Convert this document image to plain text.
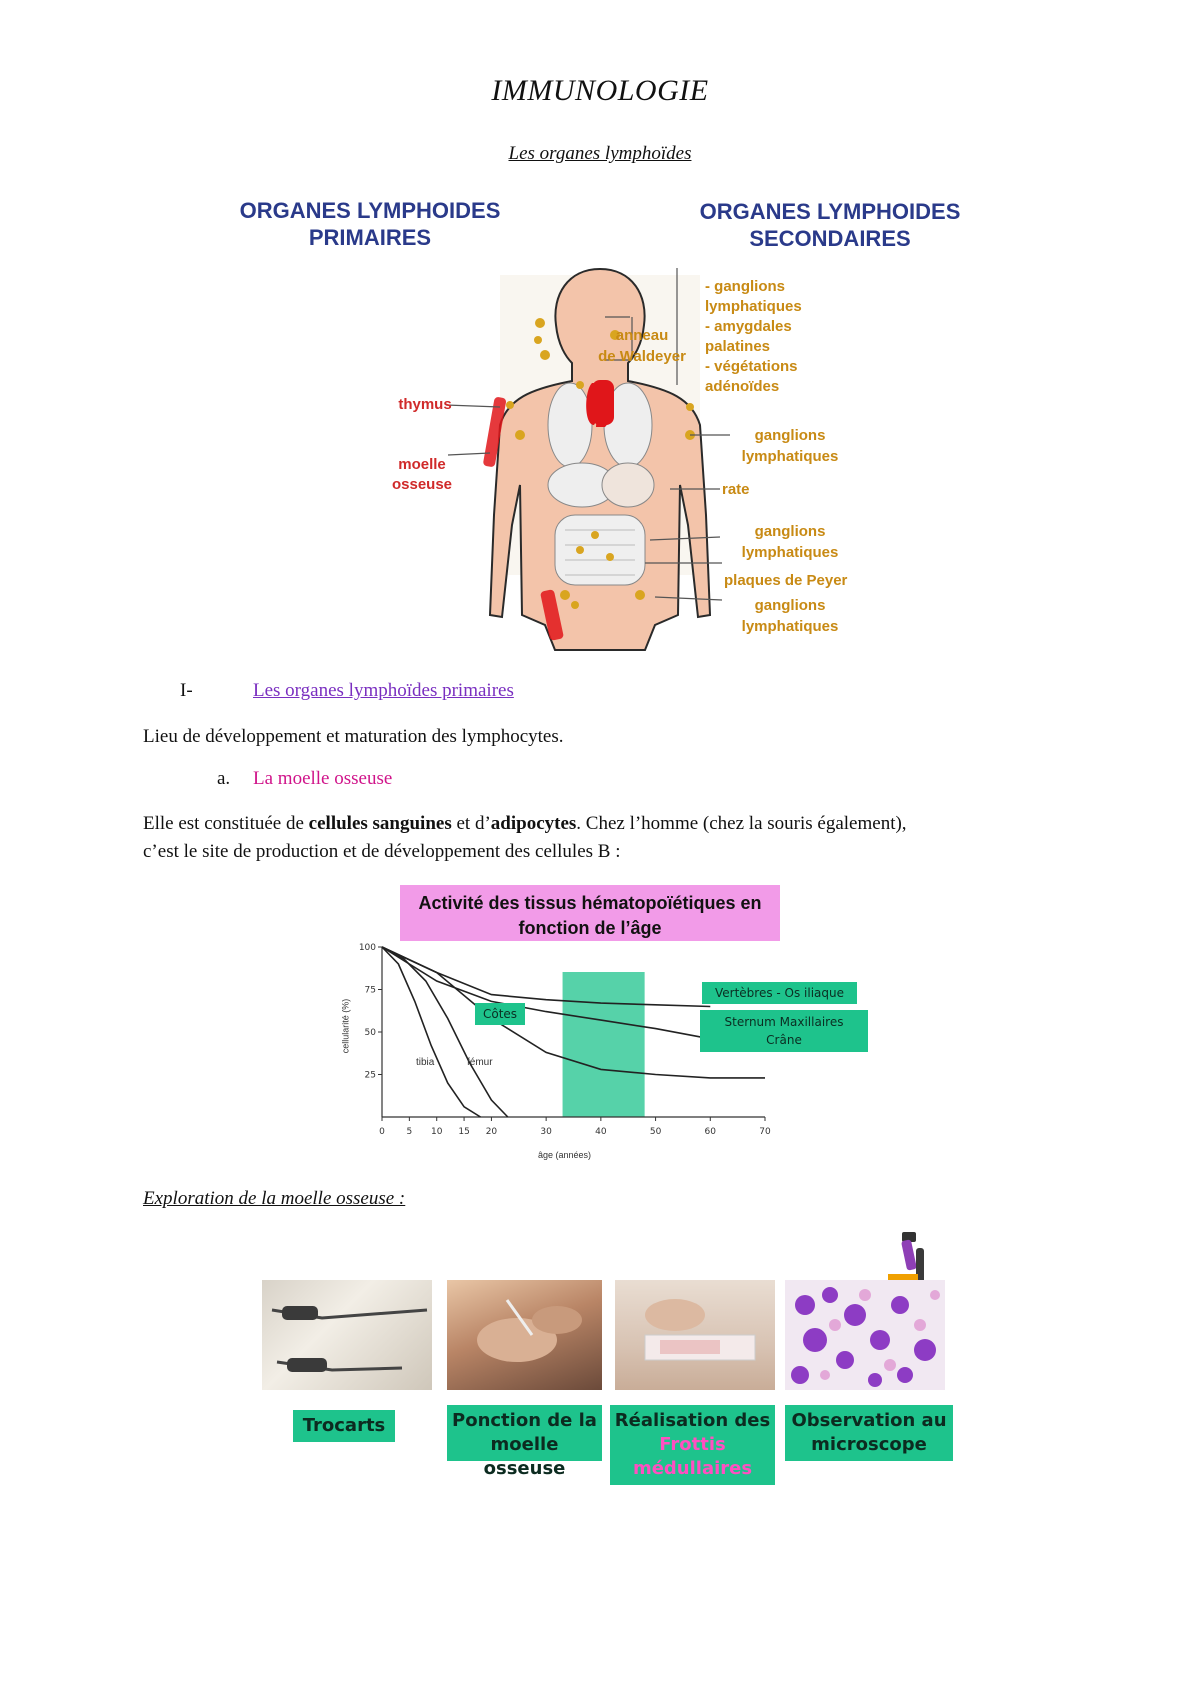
IMMUNOLOGIE
Les organes lymphoïdes
ORGANES LYMPHOIDES
PRIMAIRES
ORGANES LYMPHOIDES
SECONDAIRES
thymus
moelle
osseuse
anneau
de Waldeyer
- ganglions
lymphatiques
- amygdales
palatines
- végétations
adénoïdes
ganglions
lymphatiques
rate
ganglions
lymphatiques
plaques de Peyer
ganglions
lymphatiques
I-	Les organes lymphoïdes primaires
Lieu de développement et maturation des lymphocytes.
a. La moelle osseuse
Elle est constituée de cellules sanguines et d’adipocytes. Chez l’homme (chez la souris également),
c’est le site de production et de développement des cellules B :
Activité des tissus hématopoïétiques en fonction de l’âge
100
75
50
25
0 5 10 15 20	30	40	50	60	70
Vertèbres - Os iliaque
Sternum Maxillaires
Crâne
Côtes
tibia	fémur
âge (années)
cellularité (%)
Exploration de la moelle osseuse :
Trocarts	Ponction de la
moelle osseuse
Réalisation des
Frottis
médullaires
Observation au
microscope
